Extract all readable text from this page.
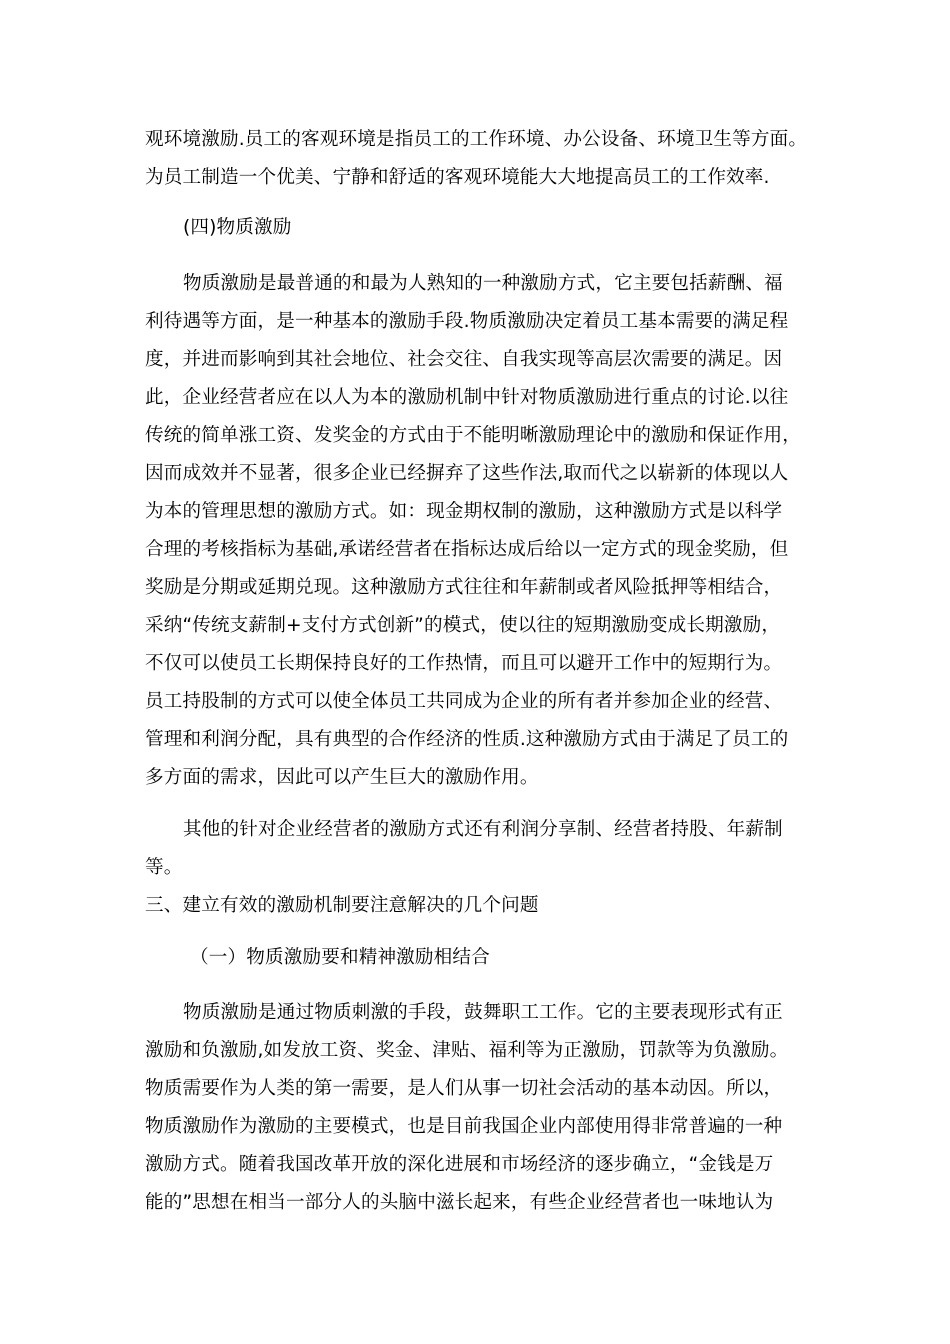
观环境激励.员工的客观环境是指员工的工作环境、办公设备、环境卫生等方面。
为员工制造一个优美、宁静和舒适的客观环境能大大地提高员工的工作效率.
(四)物质激励
物质激励是最普通的和最为人熟知的一种激励方式，它主要包括薪酬、福
利待遇等方面，是一种基本的激励手段.物质激励决定着员工基本需要的满足程
度，并进而影响到其社会地位、社会交往、自我实现等高层次需要的满足。因
此，企业经营者应在以人为本的激励机制中针对物质激励进行重点的讨论.以往
传统的简单涨工资、发奖金的方式由于不能明晰激励理论中的激励和保证作用，
因而成效并不显著，很多企业已经摒弃了这些作法,取而代之以崭新的体现以人
为本的管理思想的激励方式。如：现金期权制的激励，这种激励方式是以科学
合理的考核指标为基础,承诺经营者在指标达成后给以一定方式的现金奖励，但
奖励是分期或延期兑现。这种激励方式往往和年薪制或者风险抵押等相结合，
采纳“传统支薪制+支付方式创新”的模式，使以往的短期激励变成长期激励，
不仅可以使员工长期保持良好的工作热情，而且可以避开工作中的短期行为。
员工持股制的方式可以使全体员工共同成为企业的所有者并参加企业的经营、
管理和利润分配，具有典型的合作经济的性质.这种激励方式由于满足了员工的
多方面的需求，因此可以产生巨大的激励作用。
其他的针对企业经营者的激励方式还有利润分享制、经营者持股、年薪制
等。
三、建立有效的激励机制要注意解决的几个问题
（一）物质激励要和精神激励相结合
物质激励是通过物质刺激的手段，鼓舞职工工作。它的主要表现形式有正
激励和负激励,如发放工资、奖金、津贴、福利等为正激励，罚款等为负激励。
物质需要作为人类的第一需要，是人们从事一切社会活动的基本动因。所以，
物质激励作为激励的主要模式，也是目前我国企业内部使用得非常普遍的一种
激励方式。随着我国改革开放的深化进展和市场经济的逐步确立，“金钱是万
能的”思想在相当一部分人的头脑中滋长起来，有些企业经营者也一味地认为
